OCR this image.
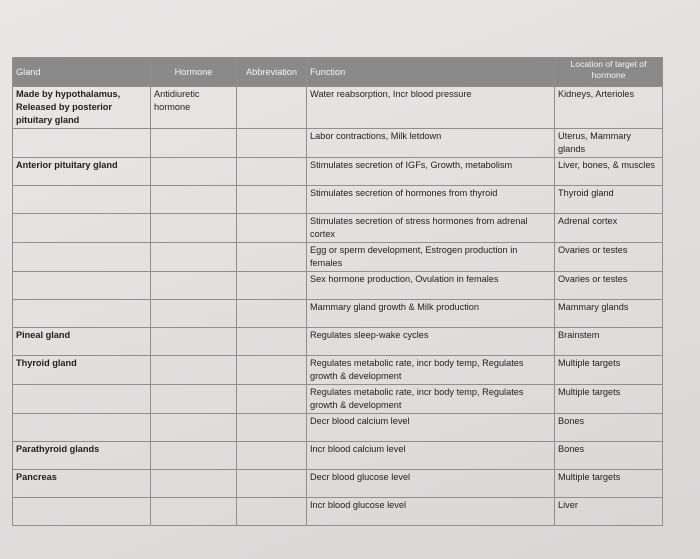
Gland	Hormone	Abbreviation	Function	Location of target of hormone
Made by hypothalamus, Released by posterior pituitary gland	Antidiuretic hormone		Water reabsorption, Incr blood pressure	Kidneys, Arterioles
			Labor contractions, Milk letdown	Uterus, Mammary glands
Anterior pituitary gland			Stimulates secretion of IGFs, Growth, metabolism	Liver, bones, & muscles
			Stimulates secretion of hormones from thyroid	Thyroid gland
			Stimulates secretion of stress hormones from adrenal cortex	Adrenal cortex
			Egg or sperm development, Estrogen production in females	Ovaries or testes
			Sex hormone production, Ovulation in females	Ovaries or testes
			Mammary gland growth & Milk production	Mammary glands
Pineal gland			Regulates sleep-wake cycles	Brainstem
Thyroid gland			Regulates metabolic rate, incr body temp, Regulates growth & development	Multiple targets
			Regulates metabolic rate, incr body temp, Regulates growth & development	Multiple targets
			Decr blood calcium level	Bones
Parathyroid glands			Incr blood calcium level	Bones
Pancreas			Decr blood glucose level	Multiple targets
			Incr blood glucose level	Liver
